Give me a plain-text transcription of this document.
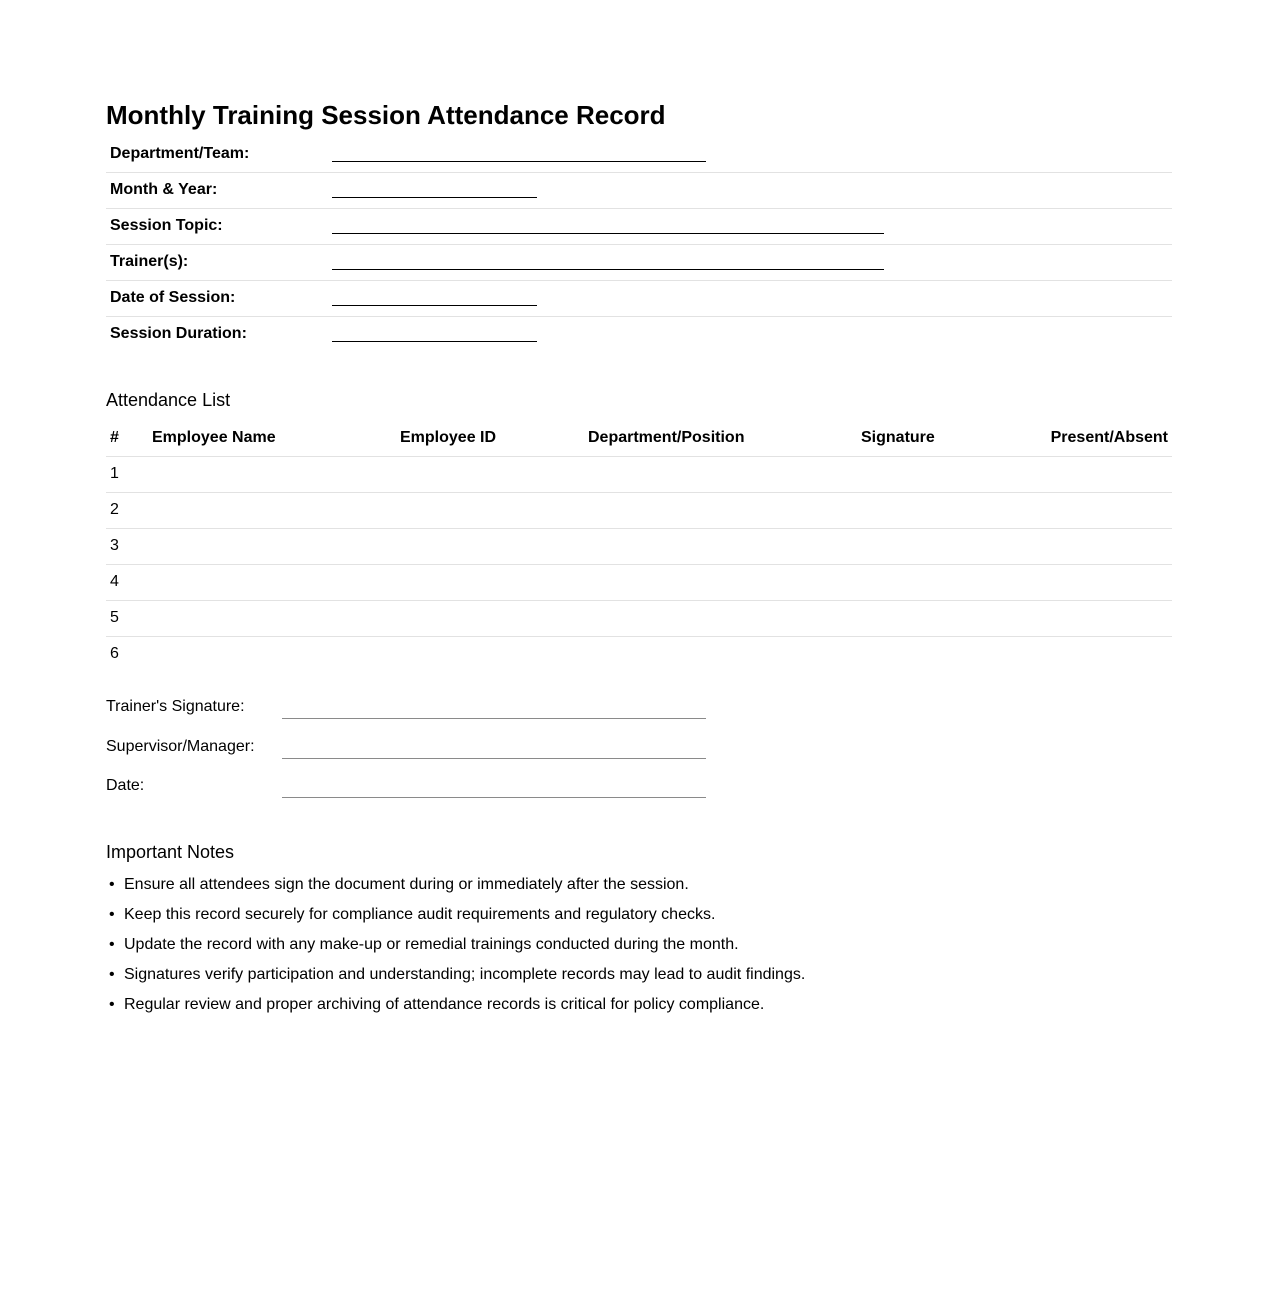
Monthly Training Session Attendance Record
Department/Team:
Month & Year:
Session Topic:
Trainer(s):
Date of Session:
Session Duration:
Attendance List
# Employee Name	Employee ID	Department/Position	Signature	Present/Absent
1
2
3
4
5
6
Trainer's Signature:
Supervisor/Manager:
Date:
Important Notes
• Ensure all attendees sign the document during or immediately after the session.
• Keep this record securely for compliance audit requirements and regulatory checks.
• Update the record with any make-up or remedial trainings conducted during the month.
• Signatures verify participation and understanding; incomplete records may lead to audit findings.
• Regular review and proper archiving of attendance records is critical for policy compliance.
